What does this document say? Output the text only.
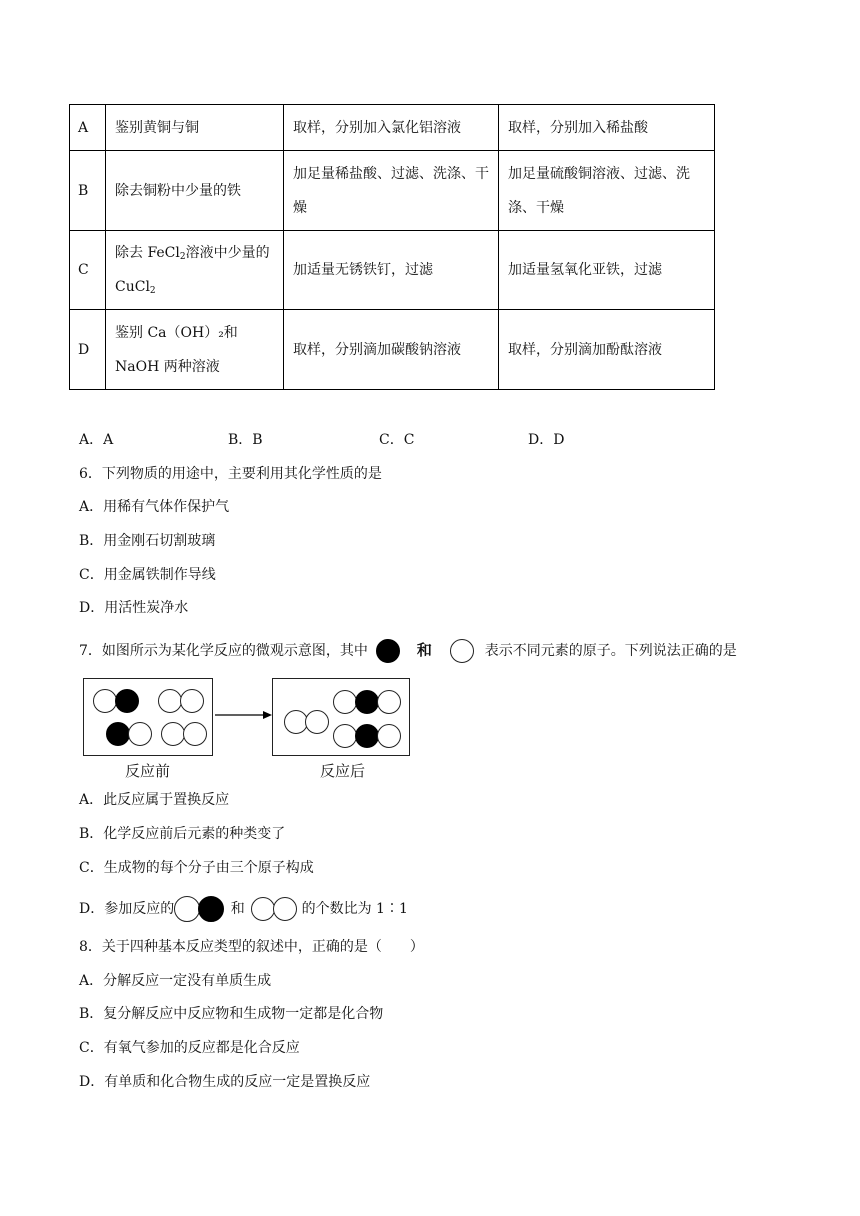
A	鉴别黄铜与铜	取样，分别加入氯化铝溶液	取样，分别加入稀盐酸
B	除去铜粉中少量的铁	加足量稀盐酸、过滤、洗涤、干燥	加足量硫酸铜溶液、过滤、洗涤、干燥
C	除去 FeCl$_2$溶液中少量的 CuCl$_2$	加适量无锈铁钉，过滤	加适量氢氧化亚铁，过滤
D	鉴别 Ca（OH）₂和 NaOH 两种溶液	取样，分别滴加碳酸钠溶液	取样，分别滴加酚酞溶液
A．A	B．B	C．C	D．D
6．下列物质的用途中，主要利用其化学性质的是
A．用稀有气体作保护气
B．用金刚石切割玻璃
C．用金属铁制作导线
D．用活性炭净水
7．如图所示为某化学反应的微观示意图，其中	和	表示不同元素的原子。下列说法正确的是
反应前	反应后
A．此反应属于置换反应
B．化学反应前后元素的种类变了
C．生成物的每个分子由三个原子构成
D．参加反应的	和	的个数比为 1∶1
8．关于四种基本反应类型的叙述中，正确的是（　　）
A．分解反应一定没有单质生成
B．复分解反应中反应物和生成物一定都是化合物
C．有氧气参加的反应都是化合反应
D．有单质和化合物生成的反应一定是置换反应
